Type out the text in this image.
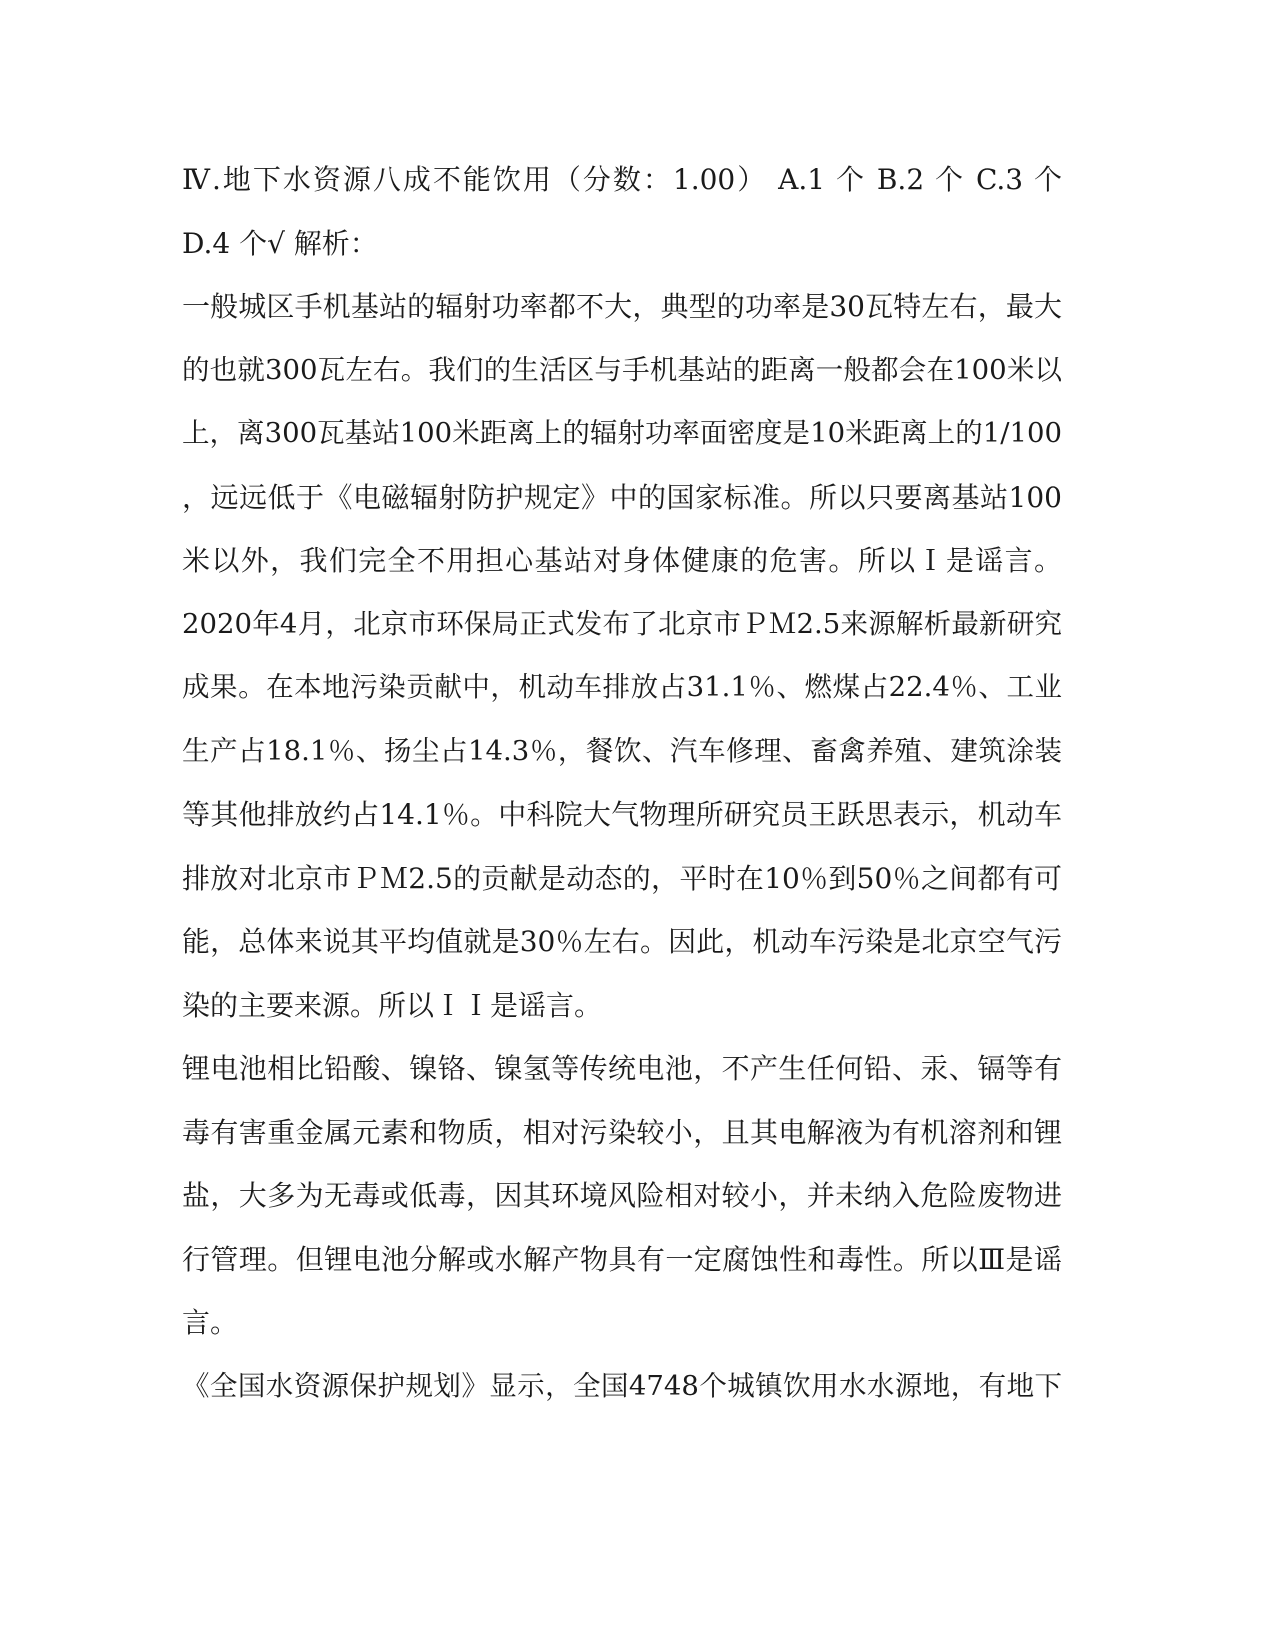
Ⅳ.地下水资源八成不能饮用（分数：1.00） A.1 个 B.2 个 C.3 个
D.4 个√ 解析：
一般城区手机基站的辐射功率都不大，典型的功率是30瓦特左右，最大
的也就300瓦左右。我们的生活区与手机基站的距离一般都会在100米以
上，离300瓦基站100米距离上的辐射功率面密度是10米距离上的1/100
，远远低于《电磁辐射防护规定》中的国家标准。所以只要离基站100
米以外，我们完全不用担心基站对身体健康的危害。所以Ｉ是谣言。
2020年4月，北京市环保局正式发布了北京市ＰＭ2.5来源解析最新研究
成果。在本地污染贡献中，机动车排放占31.1％、燃煤占22.4％、工业
生产占18.1％、扬尘占14.3％，餐饮、汽车修理、畜禽养殖、建筑涂装
等其他排放约占14.1％。中科院大气物理所研究员王跃思表示，机动车
排放对北京市ＰＭ2.5的贡献是动态的，平时在10％到50％之间都有可
能，总体来说其平均值就是30％左右。因此，机动车污染是北京空气污
染的主要来源。所以ＩＩ是谣言。
锂电池相比铅酸、镍铬、镍氢等传统电池，不产生任何铅、汞、镉等有
毒有害重金属元素和物质，相对污染较小，且其电解液为有机溶剂和锂
盐，大多为无毒或低毒，因其环境风险相对较小，并未纳入危险废物进
行管理。但锂电池分解或水解产物具有一定腐蚀性和毒性。所以Ⅲ是谣
言。
《全国水资源保护规划》显示，全国4748个城镇饮用水水源地，有地下
